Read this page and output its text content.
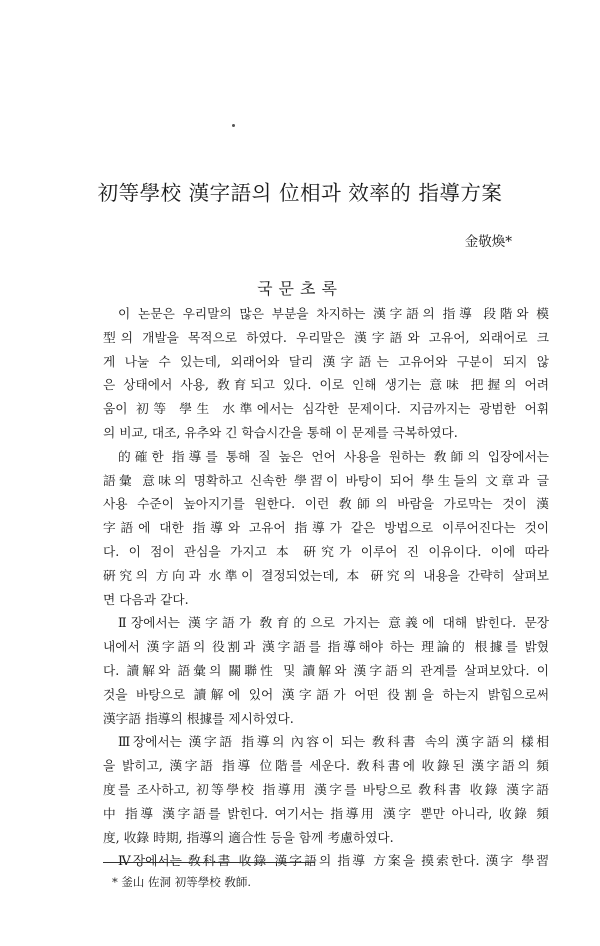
初等學校 漢字語의 位相과 效率的 指導方案
金敬煥*
국문초록
이 논문은 우리말의 많은 부분을 차지하는 漢字語의 指導 段階와 模
型의 개발을 목적으로 하였다. 우리말은 漢字語와 고유어, 외래어로 크
게 나눌 수 있는데, 외래어와 달리 漢字語는 고유어와 구분이 되지 않
은 상태에서 사용, 敎育되고 있다. 이로 인해 생기는 意味 把握의 어려
움이 初等 學生 水準에서는 심각한 문제이다. 지금까지는 광범한 어휘
의 비교, 대조, 유추와 긴 학습시간을 통해 이 문제를 극복하였다.
的確한 指導를 통해 질 높은 언어 사용을 원하는 敎師의 입장에서는
語彙 意味의 명확하고 신속한 學習이 바탕이 되어 學生들의 文章과 글
사용 수준이 높아지기를 원한다. 이런 敎師의 바람을 가로막는 것이 漢
字語에 대한 指導와 고유어 指導가 같은 방법으로 이루어진다는 것이
다. 이 점이 관심을 가지고 本 硏究가 이루어 진 이유이다. 이에 따라
硏究의 方向과 水準이 결정되었는데, 本 硏究의 내용을 간략히 살펴보
면 다음과 같다.
Ⅱ장에서는 漢字語가 敎育的으로 가지는 意義에 대해 밝힌다. 문장
내에서 漢字語의 役割과 漢字語를 指導해야 하는 理論的 根據를 밝혔
다. 讀解와 語彙의 關聯性 및 讀解와 漢字語의 관계를 살펴보았다. 이
것을 바탕으로 讀解에 있어 漢字語가 어떤 役割을 하는지 밝힘으로써
漢字語 指導의 根據를 제시하였다.
Ⅲ장에서는 漢字語 指導의 內容이 되는 敎科書 속의 漢字語의 樣相
을 밝히고, 漢字語 指導 位階를 세운다. 敎科書에 收錄된 漢字語의 頻
度를 조사하고, 初等學校 指導用 漢字를 바탕으로 敎科書 收錄 漢字語
中 指導 漢字語를 밝힌다. 여기서는 指導用 漢字 뿐만 아니라, 收錄 頻
度, 收錄 時期, 指導의 適合性 등을 함께 考慮하였다.
Ⅳ장에서는 敎科書 收錄 漢字語의 指導 方案을 摸索한다. 漢字 學習
* 釜山 佐洞 初等學校 敎師.
